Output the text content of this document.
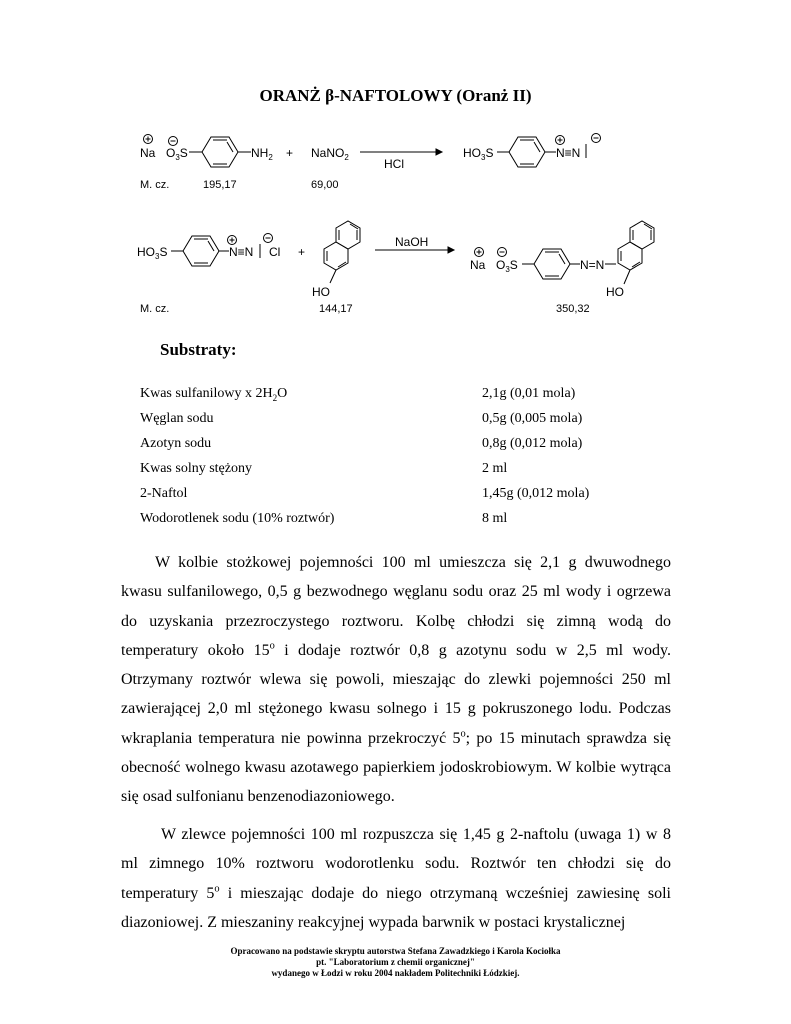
ORANŻ β-NAFTOLOWY (Oranż II)
Na $O_3S$	$NH_2$ + NaNO$_2$	HCl
$HO_3S$	N≡N
M. cz.	195,17	69,00
$HO_3S$	N≡N Cl +
HO
NaOH
Na $O_3S$	N=N
HO
M. cz.	144,17	350,32
Substraty:
Kwas sulfanilowy x $2H_2O$	2,1g (0,01 mola)
Węglan sodu	0,5g (0,005 mola)
Azotyn sodu	0,8g (0,012 mola)
Kwas solny stężony	2 ml
2-Naftol	1,45g (0,012 mola)
Wodorotlenek sodu (10% roztwór)	8 ml

W kolbie stożkowej pojemności 100 ml umieszcza się 2,1 g dwuwodnego kwasu sulfanilowego, 0,5 g bezwodnego węglanu sodu oraz 25 ml wody i ogrzewa do uzyskania przezroczystego roztworu. Kolbę chłodzi się zimną wodą do temperatury około 15$^o$ i dodaje roztwór 0,8 g azotynu sodu w 2,5 ml wody. Otrzymany roztwór wlewa się powoli, mieszając do zlewki pojemności 250 ml zawierającej 2,0 ml stężonego kwasu solnego i 15 g pokruszonego lodu. Podczas wkraplania temperatura nie powinna przekroczyć 5$^o$; po 15 minutach sprawdza się obecność wolnego kwasu azotawego papierkiem jodoskrobiowym. W kolbie wytrąca się osad sulfonianu benzenodiazoniowego.

W zlewce pojemności 100 ml rozpuszcza się 1,45 g 2-naftolu (uwaga 1) w 8 ml zimnego 10% roztworu wodorotlenku sodu. Roztwór ten chłodzi się do temperatury 5$^o$ i mieszając dodaje do niego otrzymaną wcześniej zawiesinę soli diazoniowej. Z mieszaniny reakcyjnej wypada barwnik w postaci krystalicznej

Opracowano na podstawie skryptu autorstwa Stefana Zawadzkiego i Karola Kociołka
pt. "Laboratorium z chemii organicznej"
wydanego w Łodzi w roku 2004 nakładem Politechniki Łódzkiej.
